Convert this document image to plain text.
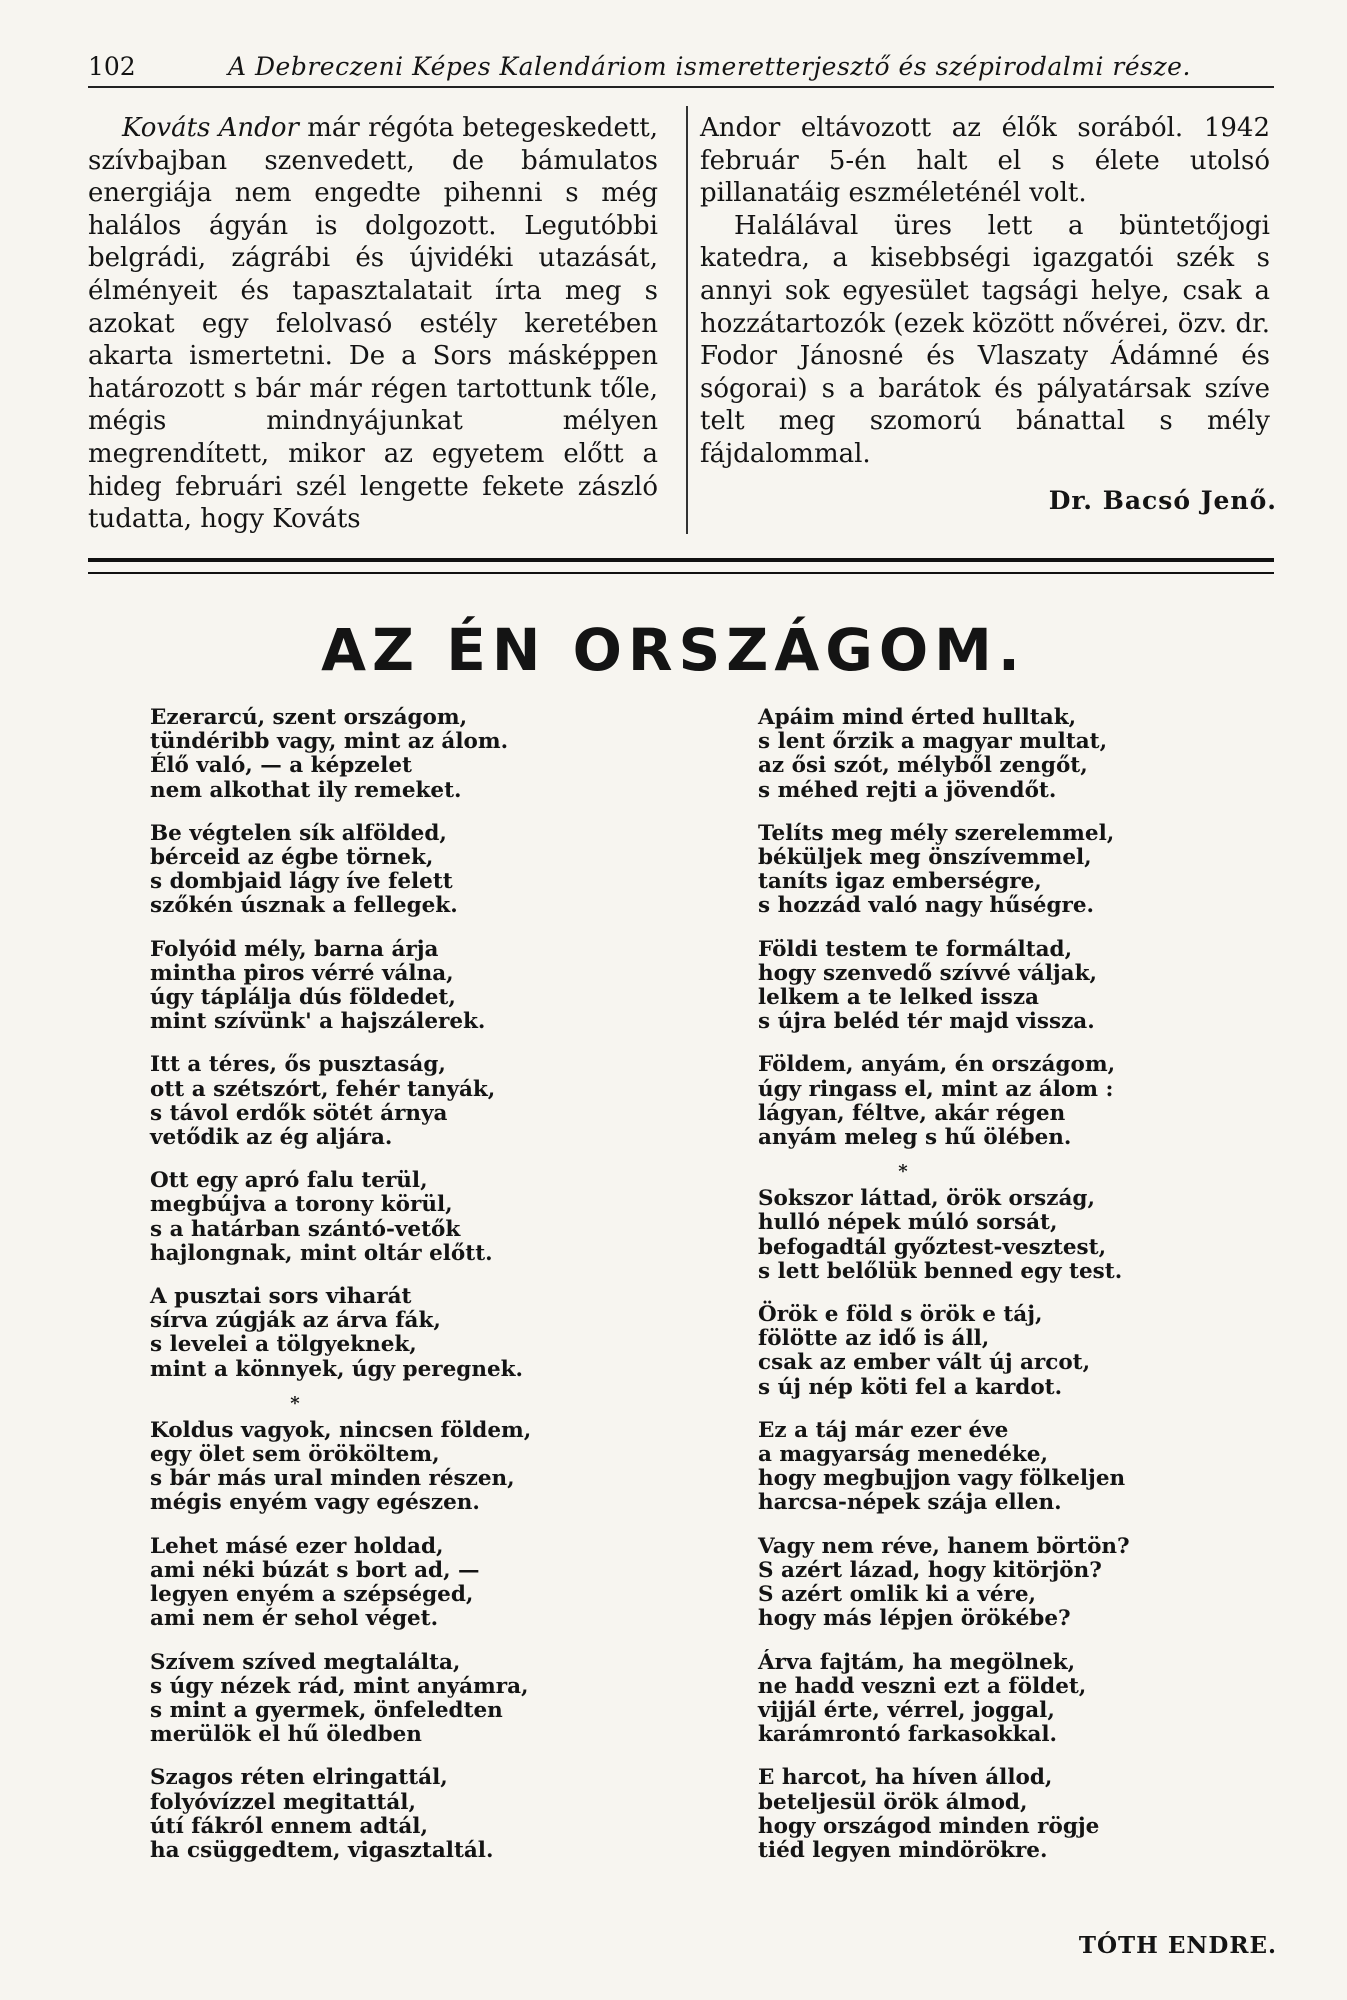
102	A Debreczeni Képes Kalendáriom ismeretterjesztő és szépirodalmi része.

Kováts Andor már régóta betegeskedett, szívbajban szenvedett, de bámulatos energiája nem engedte pihenni s még halálos ágyán is dolgozott. Legutóbbi belgrádi, zágrábi és újvidéki utazását, élményeit és tapasztalatait írta meg s azokat egy felolvasó estély keretében akarta ismertetni. De a Sors másképpen határozott s bár már régen tartottunk tőle, mégis mindnyájunkat mélyen megrendített, mikor az egyetem előtt a hideg februári szél lengette fekete zászló tudatta, hogy Kováts

Andor eltávozott az élők sorából. 1942 február 5-én halt el s élete utolsó pillanatáig eszméleténél volt.

Halálával üres lett a büntetőjogi katedra, a kisebbségi igazgatói szék s annyi sok egyesület tagsági helye, csak a hozzátartozók (ezek között nővérei, özv. dr. Fodor Jánosné és Vlaszaty Ádámné és sógorai) s a barátok és pályatársak szíve telt meg szomorú bánattal s mély fájdalommal.

Dr. Bacsó Jenő.
AZ ÉN ORSZÁGOM.
Ezerarcú, szent országom,
tündéribb vagy, mint az álom.
Élő való, — a képzelet
nem alkothat ily remeket.
Be végtelen sík alfölded,
bérceid az égbe törnek,
s dombjaid lágy íve felett
szőkén úsznak a fellegek.
Folyóid mély, barna árja
mintha piros vérré válna,
úgy táplálja dús földedet,
mint szívünk' a hajszálerek.
Itt a téres, ős pusztaság,
ott a szétszórt, fehér tanyák,
s távol erdők sötét árnya
vetődik az ég aljára.
Ott egy apró falu terül,
megbújva a torony körül,
s a határban szántó-vetők
hajlongnak, mint oltár előtt.
A pusztai sors viharát
sírva zúgják az árva fák,
s levelei a tölgyeknek,
mint a könnyek, úgy peregnek.
*
Koldus vagyok, nincsen földem,
egy ölet sem örököltem,
s bár más ural minden részen,
mégis enyém vagy egészen.
Lehet másé ezer holdad,
ami néki búzát s bort ad, —
legyen enyém a szépséged,
ami nem ér sehol véget.
Szívem szíved megtalálta,
s úgy nézek rád, mint anyámra,
s mint a gyermek, önfeledten
merülök el hű öledben
Szagos réten elringattál,
folyóvízzel megitattál,
útí fákról ennem adtál,
ha csüggedtem, vigasztaltál.
Apáim mind érted hulltak,
s lent őrzik a magyar multat,
az ősi szót, mélyből zengőt,
s méhed rejti a jövendőt.
Telíts meg mély szerelemmel,
béküljek meg önszívemmel,
taníts igaz emberségre,
s hozzád való nagy hűségre.
Földi testem te formáltad,
hogy szenvedő szívvé váljak,
lelkem a te lelked issza
s újra beléd tér majd vissza.
Földem, anyám, én országom,
úgy ringass el, mint az álom :
lágyan, féltve, akár régen
anyám meleg s hű ölében.
*
Sokszor láttad, örök ország,
hulló népek múló sorsát,
befogadtál győztest-vesztest,
s lett belőlük benned egy test.
Örök e föld s örök e táj,
fölötte az idő is áll,
csak az ember vált új arcot,
s új nép köti fel a kardot.
Ez a táj már ezer éve
a magyarság menedéke,
hogy megbujjon vagy fölkeljen
harcsa-népek szája ellen.
Vagy nem réve, hanem börtön?
S azért lázad, hogy kitörjön?
S azért omlik ki a vére,
hogy más lépjen örökébe?
Árva fajtám, ha megölnek,
ne hadd veszni ezt a földet,
vijjál érte, vérrel, joggal,
karámrontó farkasokkal.
E harcot, ha híven állod,
beteljesül örök álmod,
hogy országod minden rögje
tiéd legyen mindörökre.
TÓTH ENDRE.
